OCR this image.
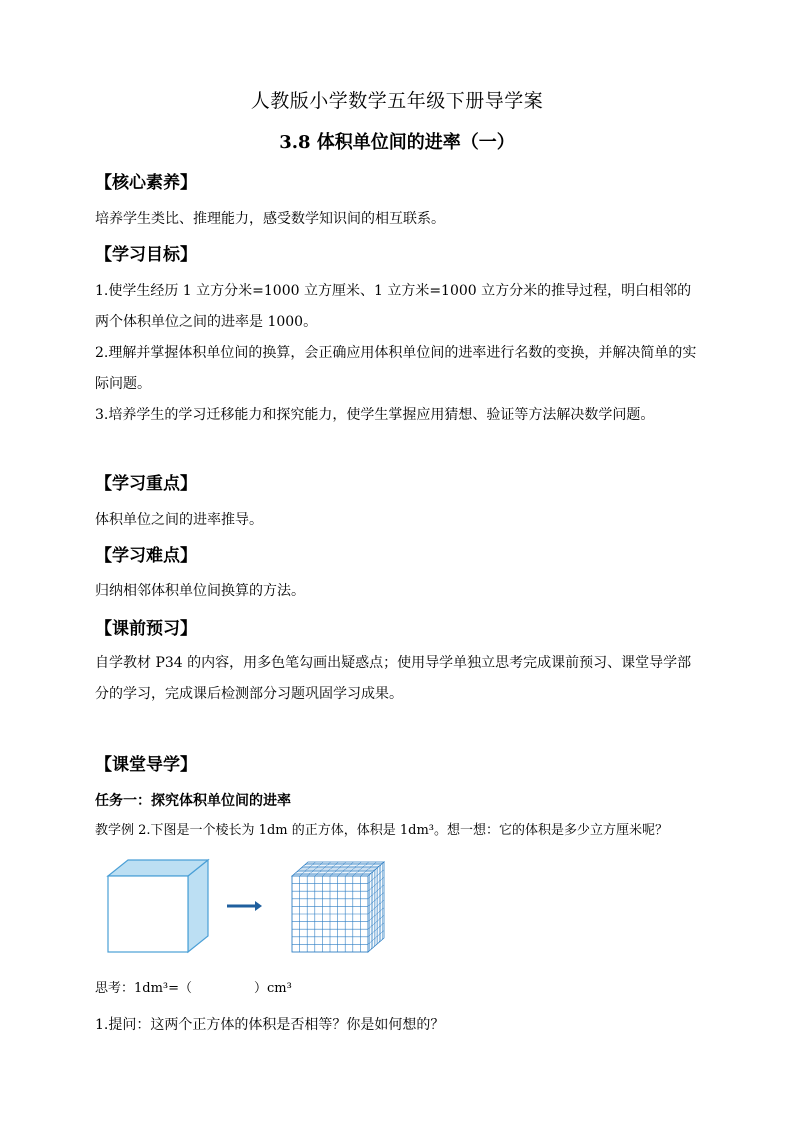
人教版小学数学五年级下册导学案
3.8 体积单位间的进率（一）
【核心素养】
培养学生类比、推理能力，感受数学知识间的相互联系。
【学习目标】
1.使学生经历 1 立方分米=1000 立方厘米、1 立方米=1000 立方分米的推导过程，明白相邻的两个体积单位之间的进率是 1000。
2.理解并掌握体积单位间的换算，会正确应用体积单位间的进率进行名数的变换，并解决简单的实际问题。
3.培养学生的学习迁移能力和探究能力，使学生掌握应用猜想、验证等方法解决数学问题。
【学习重点】
体积单位之间的进率推导。
【学习难点】
归纳相邻体积单位间换算的方法。
【课前预习】
自学教材 P34 的内容，用多色笔勾画出疑惑点；使用导学单独立思考完成课前预习、课堂导学部分的学习，完成课后检测部分习题巩固学习成果。
【课堂导学】
任务一：探究体积单位间的进率
教学例 2.下图是一个棱长为 1dm 的正方体，体积是 1dm³。想一想：它的体积是多少立方厘米呢？
思考：1dm³=（	）cm³
1.提问：这两个正方体的体积是否相等？你是如何想的？
